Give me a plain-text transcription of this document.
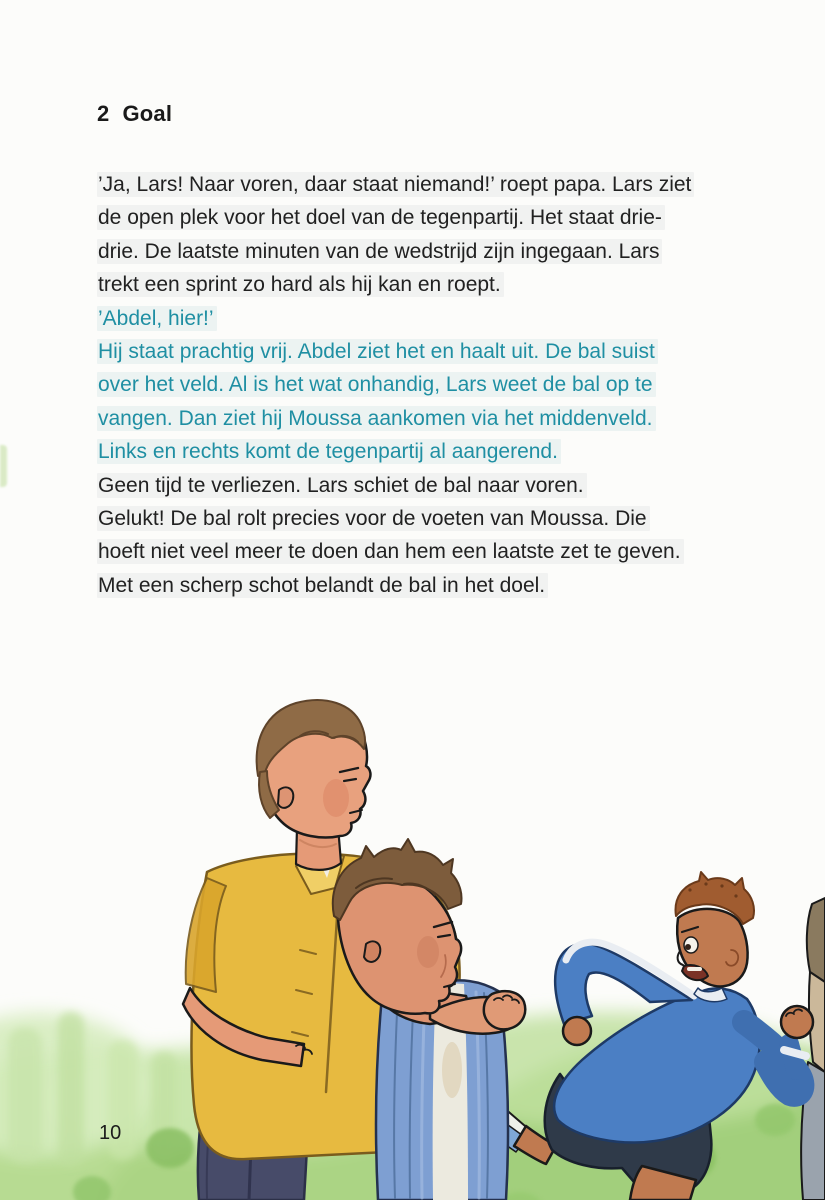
2 Goal
’Ja, Lars! Naar voren, daar staat niemand!’ roept papa. Lars ziet
de open plek voor het doel van de tegenpartij. Het staat drie-
drie. De laatste minuten van de wedstrijd zijn ingegaan. Lars
trekt een sprint zo hard als hij kan en roept.
’Abdel, hier!’
Hij staat prachtig vrij. Abdel ziet het en haalt uit. De bal suist
over het veld. Al is het wat onhandig, Lars weet de bal op te
vangen. Dan ziet hij Moussa aankomen via het middenveld.
Links en rechts komt de tegenpartij al aangerend.
Geen tijd te verliezen. Lars schiet de bal naar voren.
Gelukt! De bal rolt precies voor de voeten van Moussa. Die
hoeft niet veel meer te doen dan hem een laatste zet te geven.
Met een scherp schot belandt de bal in het doel.
10
